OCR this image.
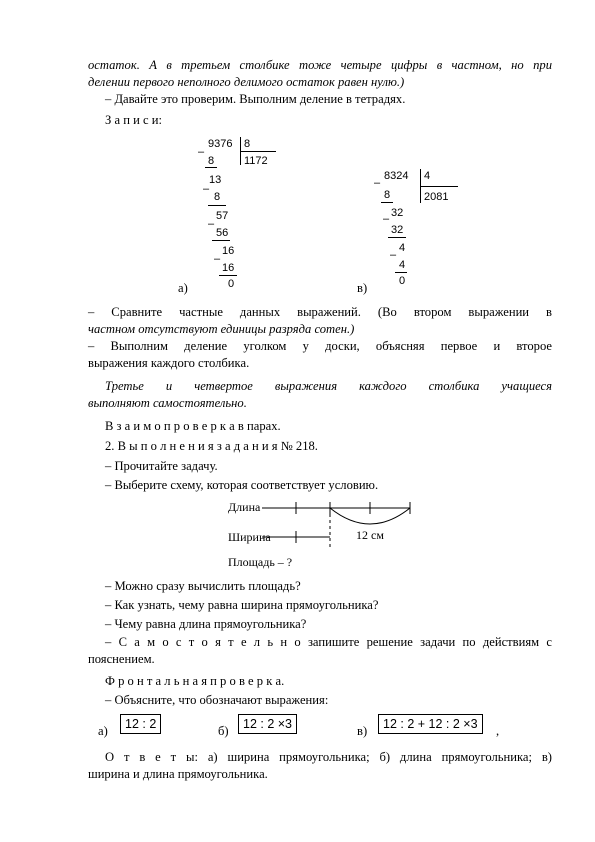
остаток. А в третьем столбике тоже четыре цифры в частном, но при
делении первого неполного делимого остаток равен нулю.)
– Давайте это проверим. Выполним деление в тетрадях.
З а п и с и:
–
9376 8
1172
8
–
13
8
–
57
56
–
16
16
0
а)
–
8324 4
2081
8
– 32
32
–
4
4
0
в)
– Сравните частные данных выражений. (Во втором выражении в
частном отсутствуют единицы разряда сотен.)
– Выполним деление уголком у доски, объясняя первое и второе
выражения каждого столбика.
Третье и четвертое выражения каждого столбика учащиеся
выполняют самостоятельно.
В з а и м о п р о в е р к а в парах.
2. В ы п о л н е н и я з а д а н и я № 218.
– Прочитайте задачу.
– Выберите схему, которая соответствует условию.
Длина
Ширина
Площадь – ?
12 см
– Можно сразу вычислить площадь?
– Как узнать, чему равна ширина прямоугольника?
– Чему равна длина прямоугольника?
– С а м о с т о я т е л ь н о запишите решение задачи по действиям с
пояснением.
Ф р о н т а л ь н а я п р о в е р к а.
– Объясните, что обозначают выражения:
а)	12 : 2	б)	12 : 2 ×3	в)	12 : 2 + 12 : 2 ×3	,
О т в е т ы: а) ширина прямоугольника; б) длина прямоугольника; в)
ширина и длина прямоугольника.
